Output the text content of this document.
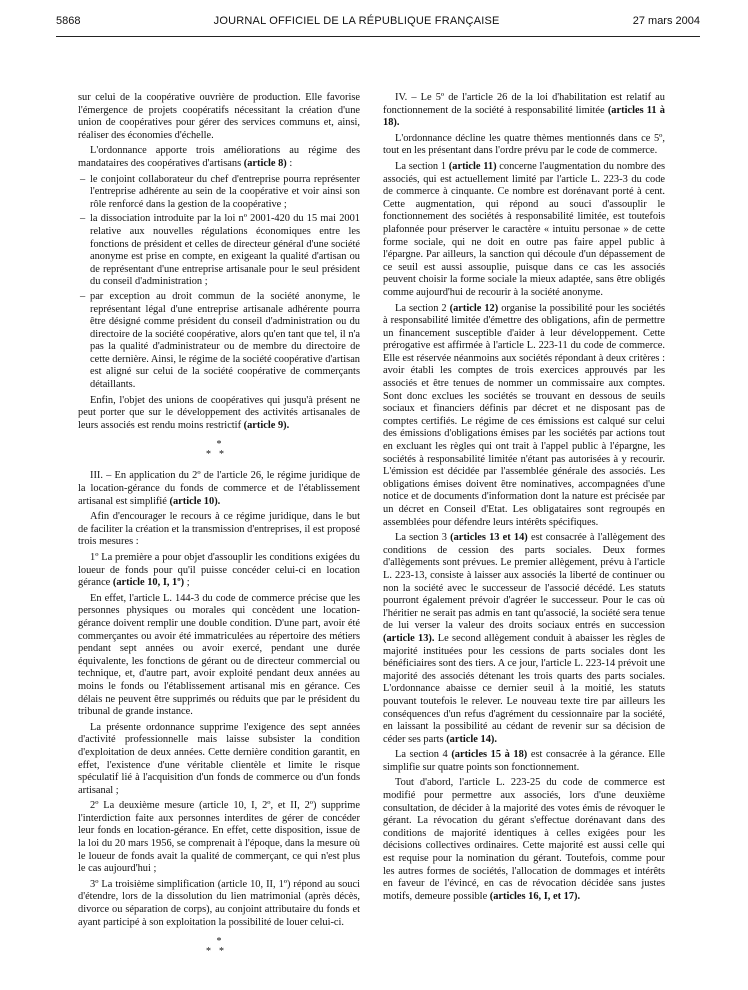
5868	JOURNAL OFFICIEL DE LA RÉPUBLIQUE FRANÇAISE	27 mars 2004

sur celui de la coopérative ouvrière de production. Elle favorise l'émergence de projets coopératifs nécessitant la création d'une union de coopératives pour gérer des services communs et, ainsi, réaliser des économies d'échelle.

L'ordonnance apporte trois améliorations au régime des mandataires des coopératives d'artisans (article 8) :

– le conjoint collaborateur du chef d'entreprise pourra représenter l'entreprise adhérente au sein de la coopérative et voir ainsi son rôle renforcé dans la gestion de la coopérative ;
– la dissociation introduite par la loi nº 2001-420 du 15 mai 2001 relative aux nouvelles régulations économiques entre les fonctions de président et celles de directeur général d'une société anonyme est prise en compte, en exigeant la qualité d'artisan ou de représentant d'une entreprise artisanale pour le seul président du conseil d'administration ;
– par exception au droit commun de la société anonyme, le représentant légal d'une entreprise artisanale adhérente pourra être désigné comme président du conseil d'administration ou du directoire de la société coopérative, alors qu'en tant que tel, il n'a pas la qualité d'administrateur ou de membre du directoire de cette dernière. Ainsi, le régime de la société coopérative d'artisan est aligné sur celui de la société coopérative de commerçants détaillants.

Enfin, l'objet des unions de coopératives qui jusqu'à présent ne peut porter que sur le développement des activités artisanales de leurs associés est rendu moins restrictif (article 9).

*
**

III. – En application du 2º de l'article 26, le régime juridique de la location-gérance du fonds de commerce et de l'établissement artisanal est simplifié (article 10).

Afin d'encourager le recours à ce régime juridique, dans le but de faciliter la création et la transmission d'entreprises, il est proposé trois mesures :

1º La première a pour objet d'assouplir les conditions exigées du loueur de fonds pour qu'il puisse concéder celui-ci en location gérance (article 10, I, 1º) ;

En effet, l'article L. 144-3 du code de commerce précise que les personnes physiques ou morales qui concèdent une location-gérance doivent remplir une double condition. D'une part, avoir été commerçantes ou avoir été immatriculées au répertoire des métiers pendant sept années ou avoir exercé, pendant une durée équivalente, les fonctions de gérant ou de directeur commercial ou technique, et, d'autre part, avoir exploité pendant deux années au moins le fonds ou l'établissement artisanal mis en gérance. Ces délais ne peuvent être supprimés ou réduits que par le président du tribunal de grande instance.

La présente ordonnance supprime l'exigence des sept années d'activité professionnelle mais laisse subsister la condition d'exploitation de deux années. Cette dernière condition garantit, en effet, l'existence d'une véritable clientèle et limite le risque spéculatif lié à l'acquisition d'un fonds de commerce ou d'un fonds artisanal ;

2º La deuxième mesure (article 10, I, 2º, et II, 2º) supprime l'interdiction faite aux personnes interdites de gérer de concéder leur fonds en location-gérance. En effet, cette disposition, issue de la loi du 20 mars 1956, se comprenait à l'époque, dans la mesure où le loueur de fonds avait la qualité de commerçant, ce qui n'est plus le cas aujourd'hui ;

3º La troisième simplification (article 10, II, 1º) répond au souci d'étendre, lors de la dissolution du lien matrimonial (après décès, divorce ou séparation de corps), au conjoint attributaire du fonds et ayant participé à son exploitation la possibilité de louer celui-ci.

*
**

IV. – Le 5º de l'article 26 de la loi d'habilitation est relatif au fonctionnement de la société à responsabilité limitée (articles 11 à 18).

L'ordonnance décline les quatre thèmes mentionnés dans ce 5º, tout en les présentant dans l'ordre prévu par le code de commerce.

La section 1 (article 11) concerne l'augmentation du nombre des associés, qui est actuellement limité par l'article L. 223-3 du code de commerce à cinquante. Ce nombre est dorénavant porté à cent. Cette augmentation, qui répond au souci d'assouplir le fonctionnement des sociétés à responsabilité limitée, est toutefois plafonnée pour préserver le caractère « intuitu personae » de cette forme sociale, qui ne doit en outre pas faire appel public à l'épargne. Par ailleurs, la sanction qui découle d'un dépassement de ce seuil est aussi assouplie, puisque dans ce cas les associés peuvent choisir la forme sociale la mieux adaptée, sans être obligés comme aujourd'hui de recourir à la société anonyme.

La section 2 (article 12) organise la possibilité pour les sociétés à responsabilité limitée d'émettre des obligations, afin de permettre un financement susceptible d'aider à leur développement. Cette prérogative est affirmée à l'article L. 223-11 du code de commerce. Elle est réservée néanmoins aux sociétés répondant à deux critères : avoir établi les comptes de trois exercices approuvés par les associés et être tenues de nommer un commissaire aux comptes. Sont donc exclues les sociétés se trouvant en dessous de seuils sociaux et financiers définis par décret et ne disposant pas de comptes certifiés. Le régime de ces émissions est calqué sur celui des émissions d'obligations émises par les sociétés par actions tout en excluant les règles qui ont trait à l'appel public à l'épargne, les sociétés à responsabilité limitée n'étant pas autorisées à y recourir. L'émission est décidée par l'assemblée générale des associés. Les obligations émises doivent être nominatives, accompagnées d'une notice et de documents d'information dont la nature est précisée par un décret en Conseil d'Etat. Les obligataires sont regroupés en assemblées pour défendre leurs intérêts spécifiques.

La section 3 (articles 13 et 14) est consacrée à l'allègement des conditions de cession des parts sociales. Deux formes d'allègements sont prévues. Le premier allègement, prévu à l'article L. 223-13, consiste à laisser aux associés la liberté de continuer ou non la société avec le successeur de l'associé décédé. Les statuts pourront également prévoir d'agréer le successeur. Pour le cas où l'héritier ne serait pas admis en tant qu'associé, la société sera tenue de lui verser la valeur des droits sociaux entrés en succession (article 13). Le second allègement conduit à abaisser les règles de majorité instituées pour les cessions de parts sociales dont les bénéficiaires sont des tiers. A ce jour, l'article L. 223-14 prévoit une majorité des associés détenant les trois quarts des parts sociales. L'ordonnance abaisse ce dernier seuil à la moitié, les statuts pouvant toutefois le relever. Le nouveau texte tire par ailleurs les conséquences d'un refus d'agrément du cessionnaire par la société, en laissant la possibilité au cédant de revenir sur sa décision de céder ses parts (article 14).

La section 4 (articles 15 à 18) est consacrée à la gérance. Elle simplifie sur quatre points son fonctionnement.

Tout d'abord, l'article L. 223-25 du code de commerce est modifié pour permettre aux associés, lors d'une deuxième consultation, de décider à la majorité des votes émis de révoquer le gérant. La révocation du gérant s'effectue dorénavant dans des conditions de majorité identiques à celles exigées pour les décisions collectives ordinaires. Cette majorité est aussi celle qui est requise pour la nomination du gérant. Toutefois, comme pour les autres formes de sociétés, l'allocation de dommages et intérêts en faveur de l'évincé, en cas de révocation décidée sans justes motifs, demeure possible (articles 16, I, et 17).
